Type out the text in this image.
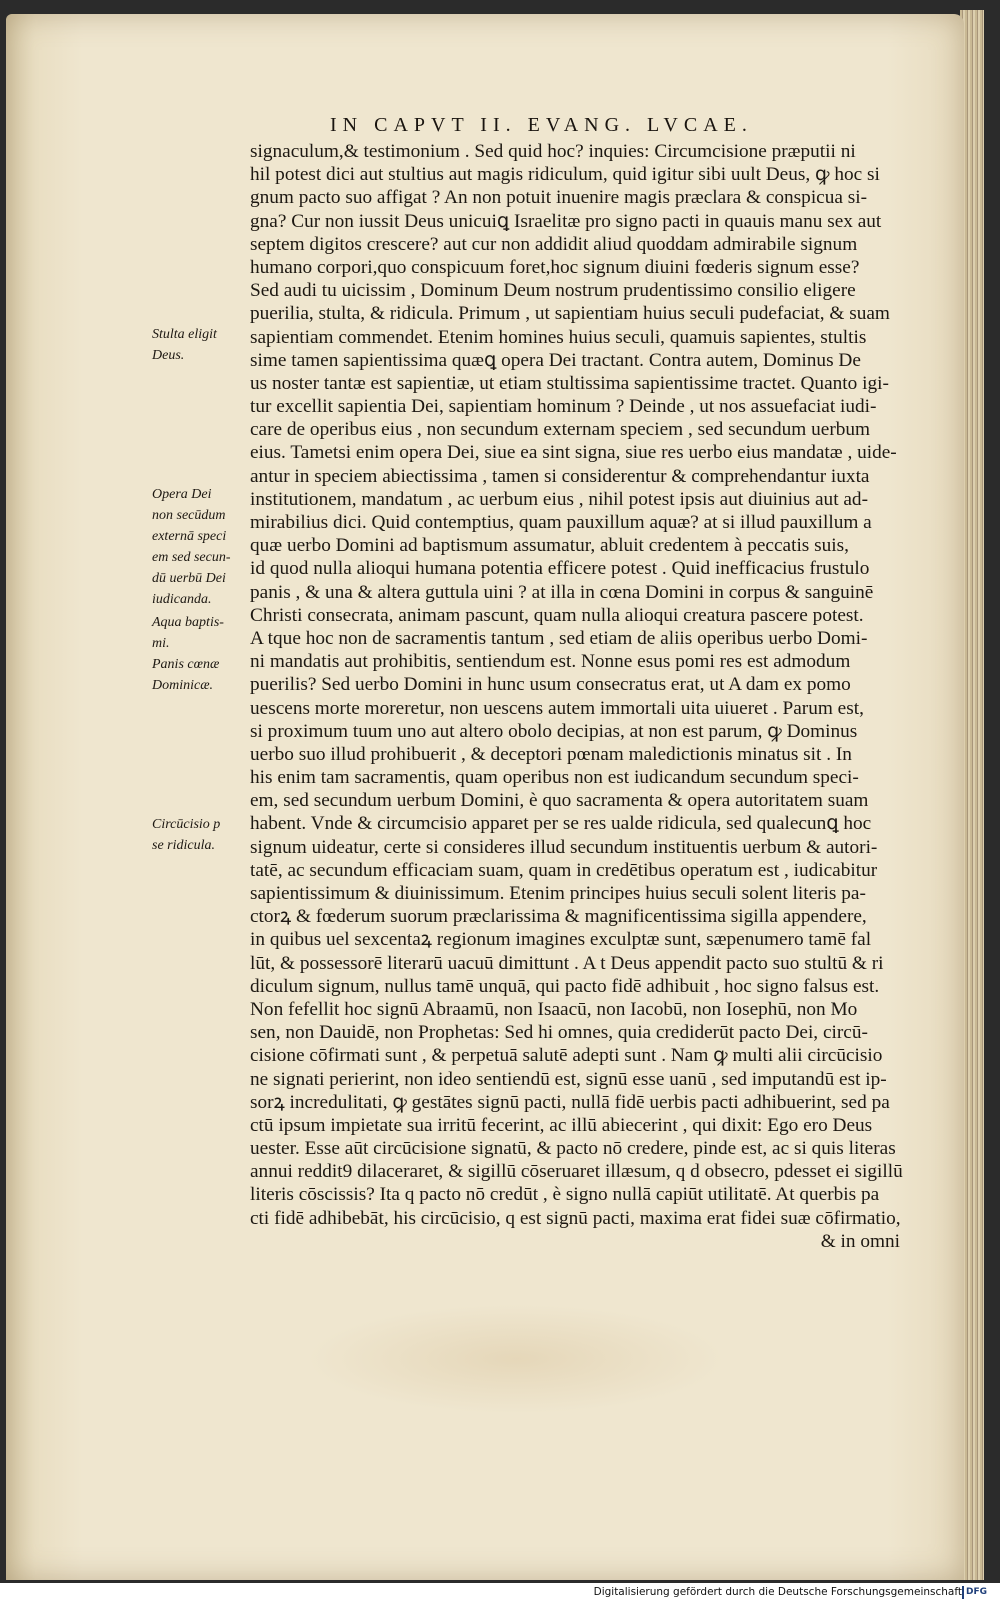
IN CAPVT II. EVANG. LVCAE.
signaculum,& testimonium . Sed quid hoc? inquies: Circumcisione præputii ni
hil potest dici aut stultius aut magis ridiculum, quid igitur sibi uult Deus, ꝙ hoc si
gnum pacto suo affigat ? An non potuit inuenire magis præclara & conspicua si-
gna? Cur non iussit Deus unicuiꝗ Israelitæ pro signo pacti in quauis manu sex aut
septem digitos crescere? aut cur non addidit aliud quoddam admirabile signum
humano corpori,quo conspicuum foret,hoc signum diuini fœderis signum esse?
Sed audi tu uicissim , Dominum Deum nostrum prudentissimo consilio eligere
puerilia, stulta, & ridicula. Primum , ut sapientiam huius seculi pudefaciat, & suam
sapientiam commendet. Etenim homines huius seculi, quamuis sapientes, stultis
sime tamen sapientissima quæꝗ opera Dei tractant. Contra autem, Dominus De
us noster tantæ est sapientiæ, ut etiam stultissima sapientissime tractet. Quanto igi-
tur excellit sapientia Dei, sapientiam hominum ? Deinde , ut nos assuefaciat iudi-
care de operibus eius , non secundum externam speciem , sed secundum uerbum
eius. Tametsi enim opera Dei, siue ea sint signa, siue res uerbo eius mandatæ , uide-
antur in speciem abiectissima , tamen si considerentur & comprehendantur iuxta
institutionem, mandatum , ac uerbum eius , nihil potest ipsis aut diuinius aut ad-
mirabilius dici. Quid contemptius, quam pauxillum aquæ? at si illud pauxillum a
quæ uerbo Domini ad baptismum assumatur, abluit credentem à peccatis suis,
id quod nulla alioqui humana potentia efficere potest . Quid inefficacius frustulo
panis , & una & altera guttula uini ? at illa in cœna Domini in corpus & sanguinē
Christi consecrata, animam pascunt, quam nulla alioqui creatura pascere potest.
A tque hoc non de sacramentis tantum , sed etiam de aliis operibus uerbo Domi-
ni mandatis aut prohibitis, sentiendum est. Nonne esus pomi res est admodum
puerilis? Sed uerbo Domini in hunc usum consecratus erat, ut A dam ex pomo
uescens morte moreretur, non uescens autem immortali uita uiueret . Parum est,
si proximum tuum uno aut altero obolo decipias, at non est parum, ꝙ Dominus
uerbo suo illud prohibuerit , & deceptori pœnam maledictionis minatus sit . In
his enim tam sacramentis, quam operibus non est iudicandum secundum speci-
em, sed secundum uerbum Domini, è quo sacramenta & opera autoritatem suam
habent. Vnde & circumcisio apparet per se res ualde ridicula, sed qualecunꝗ hoc
signum uideatur, certe si consideres illud secundum instituentis uerbum & autori-
tatē, ac secundum efficaciam suam, quam in credētibus operatum est , iudicabitur
sapientissimum & diuinissimum. Etenim principes huius seculi solent literis pa-
ctorꝝ & fœderum suorum præclarissima & magnificentissima sigilla appendere,
in quibus uel sexcentaꝝ regionum imagines exculptæ sunt, sæpenumero tamē fal
lūt, & possessorē literarū uacuū dimittunt . A t Deus appendit pacto suo stultū & ri
diculum signum, nullus tamē unquā, qui pacto fidē adhibuit , hoc signo falsus est.
Non fefellit hoc signū Abraamū, non Isaacū, non Iacobū, non Iosephū, non Mo
sen, non Dauidē, non Prophetas: Sed hi omnes, quia crediderūt pacto Dei, circū-
cisione cōfirmati sunt , & perpetuā salutē adepti sunt . Nam ꝙ multi alii circūcisio
ne signati perierint, non ideo sentiendū est, signū esse uanū , sed imputandū est ip-
sorꝝ incredulitati, ꝙ gestātes signū pacti, nullā fidē uerbis pacti adhibuerint, sed pa
ctū ipsum impietate sua irritū fecerint, ac illū abiecerint , qui dixit: Ego ero Deus
uester. Esse aūt circūcisione signatū, & pacto nō credere, pinde est, ac si quis literas
annui reddit9 dilaceraret, & sigillū cōseruaret illæsum, q d obsecro, pdesset ei sigillū
literis cōscissis? Ita q pacto nō credūt , è signo nullā capiūt utilitatē. At querbis pa
cti fidē adhibebāt, his circūcisio, q est signū pacti, maxima erat fidei suæ cōfirmatio,
& in omni
Stulta eligit
Deus.
Opera Dei
non secūdum
externā speci
em sed secun-
dū uerbū Dei
iudicanda.
Aqua baptis-
mi.
Panis cœnæ
Dominicæ.
Circūcisio p
se ridicula.
Digitalisierung gefördert durch die Deutsche Forschungsgemeinschaft DFG
